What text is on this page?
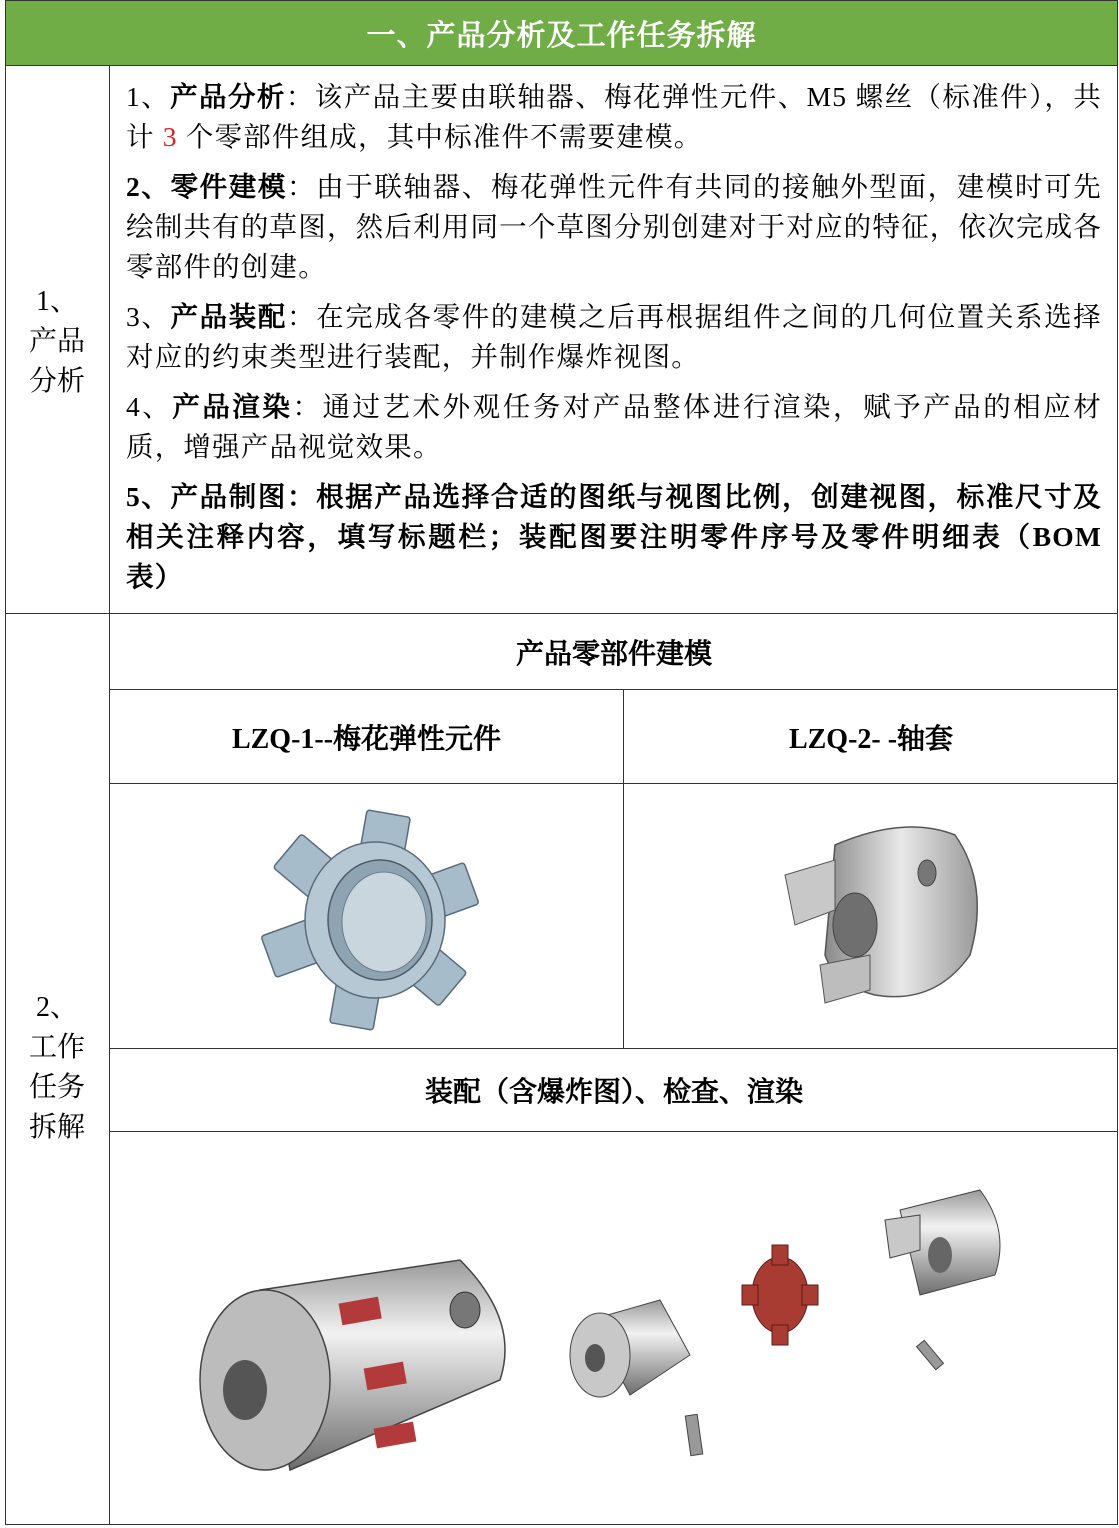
一、产品分析及工作任务拆解
1、
产品
分析

1、产品分析：该产品主要由联轴器、梅花弹性元件、M5 螺丝（标准件），共计 3 个零部件组成，其中标准件不需要建模。

2、零件建模：由于联轴器、梅花弹性元件有共同的接触外型面，建模时可先绘制共有的草图，然后利用同一个草图分别创建对于对应的特征，依次完成各零部件的创建。

3、产品装配：在完成各零件的建模之后再根据组件之间的几何位置关系选择对应的约束类型进行装配，并制作爆炸视图。

4、产品渲染：通过艺术外观任务对产品整体进行渲染，赋予产品的相应材质，增强产品视觉效果。

5、产品制图：根据产品选择合适的图纸与视图比例，创建视图，标准尺寸及相关注释内容，填写标题栏；装配图要注明零件序号及零件明细表（BOM 表）

2、
工作
任务
拆解
产品零部件建模
LZQ-1--梅花弹性元件	LZQ-2- -轴套
装配（含爆炸图）、检查、渲染
